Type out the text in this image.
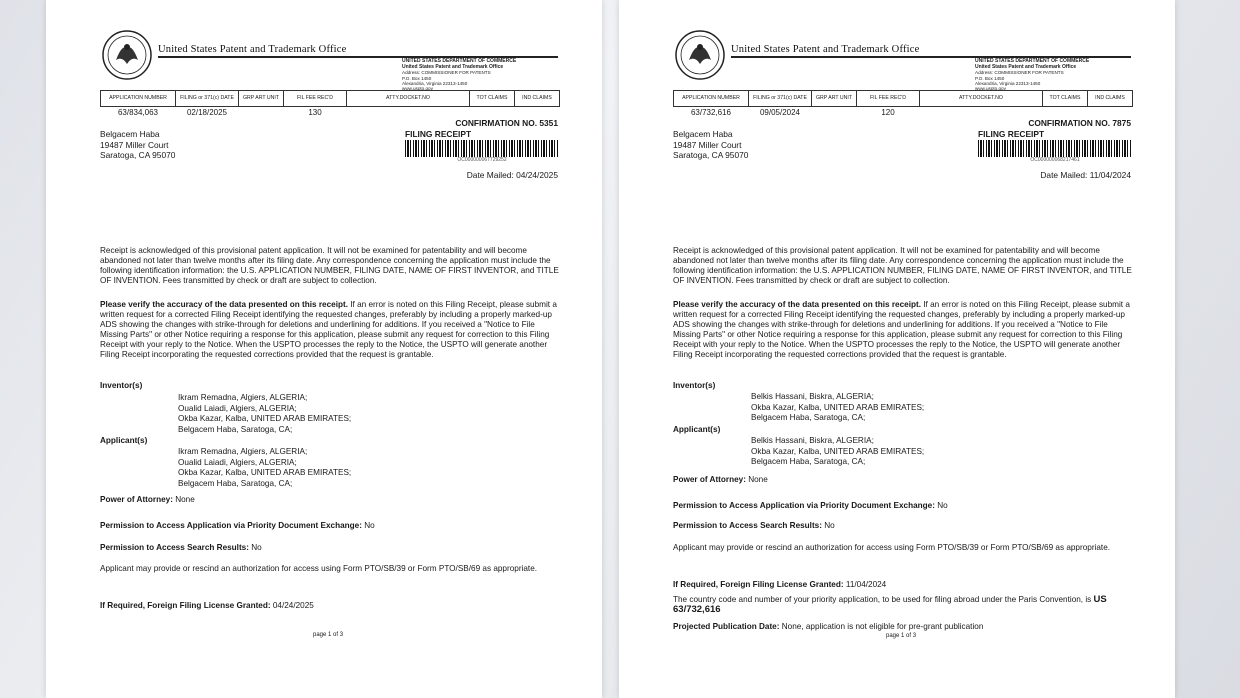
United States Patent and Trademark Office
UNITED STATES DEPARTMENT OF COMMERCE
United States Patent and Trademark Office
Address: COMMISSIONER FOR PATENTS
P.O. Box 1450
Alexandria, Virginia 22313-1450
www.uspto.gov
APPLICATION NUMBER	FILING or 371(c) DATE	GRP ART UNIT	FIL FEE REC'D	ATTY.DOCKET.NO	TOT CLAIMS	IND CLAIMS
63/834,063	02/18/2025		130			
Belgacem Haba
19487 Miller Court
Saratoga, CA 95070
CONFIRMATION NO. 5351
FILING RECEIPT
OC000000067729252
Date Mailed: 04/24/2025
Receipt is acknowledged of this provisional patent application. It will not be examined for patentability and will become abandoned not later than twelve months after its filing date. Any correspondence concerning the application must include the following identification information: the U.S. APPLICATION NUMBER, FILING DATE, NAME OF FIRST INVENTOR, and TITLE OF INVENTION. Fees transmitted by check or draft are subject to collection.
Please verify the accuracy of the data presented on this receipt. If an error is noted on this Filing Receipt, please submit a written request for a corrected Filing Receipt identifying the requested changes, preferably by including a properly marked-up ADS showing the changes with strike-through for deletions and underlining for additions. If you received a "Notice to File Missing Parts" or other Notice requiring a response for this application, please submit any request for correction to this Filing Receipt with your reply to the Notice. When the USPTO processes the reply to the Notice, the USPTO will generate another Filing Receipt incorporating the requested corrections provided that the request is grantable.
Inventor(s)
Ikram Remadna, Algiers, ALGERIA;
Oualid Laiadi, Algiers, ALGERIA;
Okba Kazar, Kalba, UNITED ARAB EMIRATES;
Belgacem Haba, Saratoga, CA;
Applicant(s)
Ikram Remadna, Algiers, ALGERIA;
Oualid Laiadi, Algiers, ALGERIA;
Okba Kazar, Kalba, UNITED ARAB EMIRATES;
Belgacem Haba, Saratoga, CA;
Power of Attorney: None
Permission to Access Application via Priority Document Exchange: No
Permission to Access Search Results: No
Applicant may provide or rescind an authorization for access using Form PTO/SB/39 or Form PTO/SB/69 as appropriate.
If Required, Foreign Filing License Granted: 04/24/2025
page 1 of 3
United States Patent and Trademark Office
UNITED STATES DEPARTMENT OF COMMERCE
United States Patent and Trademark Office
Address: COMMISSIONER FOR PATENTS
P.O. Box 1450
Alexandria, Virginia 22313-1450
www.uspto.gov
APPLICATION NUMBER	FILING or 371(c) DATE	GRP ART UNIT	FIL FEE REC'D	ATTY.DOCKET.NO	TOT CLAIMS	IND CLAIMS
63/732,616	09/05/2024		120			
Belgacem Haba
19487 Miller Court
Saratoga, CA 95070
CONFIRMATION NO. 7875
FILING RECEIPT
OC000000068217461
Date Mailed: 11/04/2024
Receipt is acknowledged of this provisional patent application. It will not be examined for patentability and will become abandoned not later than twelve months after its filing date. Any correspondence concerning the application must include the following identification information: the U.S. APPLICATION NUMBER, FILING DATE, NAME OF FIRST INVENTOR, and TITLE OF INVENTION. Fees transmitted by check or draft are subject to collection.
Please verify the accuracy of the data presented on this receipt. If an error is noted on this Filing Receipt, please submit a written request for a corrected Filing Receipt identifying the requested changes, preferably by including a properly marked-up ADS showing the changes with strike-through for deletions and underlining for additions. If you received a "Notice to File Missing Parts" or other Notice requiring a response for this application, please submit any request for correction to this Filing Receipt with your reply to the Notice. When the USPTO processes the reply to the Notice, the USPTO will generate another Filing Receipt incorporating the requested corrections provided that the request is grantable.
Inventor(s)
Belkis Hassani, Biskra, ALGERIA;
Okba Kazar, Kalba, UNITED ARAB EMIRATES;
Belgacem Haba, Saratoga, CA;
Applicant(s)
Belkis Hassani, Biskra, ALGERIA;
Okba Kazar, Kalba, UNITED ARAB EMIRATES;
Belgacem Haba, Saratoga, CA;
Power of Attorney: None
Permission to Access Application via Priority Document Exchange: No
Permission to Access Search Results: No
Applicant may provide or rescind an authorization for access using Form PTO/SB/39 or Form PTO/SB/69 as appropriate.
If Required, Foreign Filing License Granted: 11/04/2024
The country code and number of your priority application, to be used for filing abroad under the Paris Convention, is US 63/732,616
Projected Publication Date: None, application is not eligible for pre-grant publication
page 1 of 3
